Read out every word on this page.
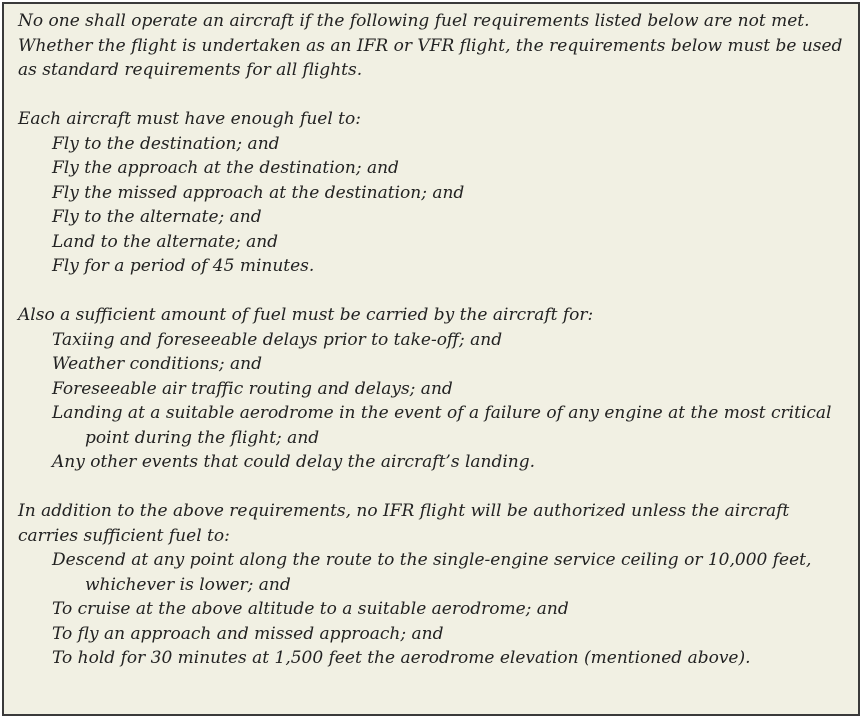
No one shall operate an aircraft if the following fuel requirements listed below are not met. Whether the flight is undertaken as an IFR or VFR flight, the requirements below must be used as standard requirements for all flights.

Each aircraft must have enough fuel to:

Fly to the destination; and

Fly the approach at the destination; and

Fly the missed approach at the destination; and

Fly to the alternate; and

Land to the alternate; and

Fly for a period of 45 minutes.

Also a sufficient amount of fuel must be carried by the aircraft for:

Taxiing and foreseeable delays prior to take-off; and

Weather conditions; and

Foreseeable air traffic routing and delays; and

Landing at a suitable aerodrome in the event of a failure of any engine at the most critical point during the flight; and

Any other events that could delay the aircraft’s landing.

In addition to the above requirements, no IFR flight will be authorized unless the aircraft carries sufficient fuel to:

Descend at any point along the route to the single-engine service ceiling or 10,000 feet, whichever is lower; and

To cruise at the above altitude to a suitable aerodrome; and

To fly an approach and missed approach; and

To hold for 30 minutes at 1,500 feet the aerodrome elevation (mentioned above).
